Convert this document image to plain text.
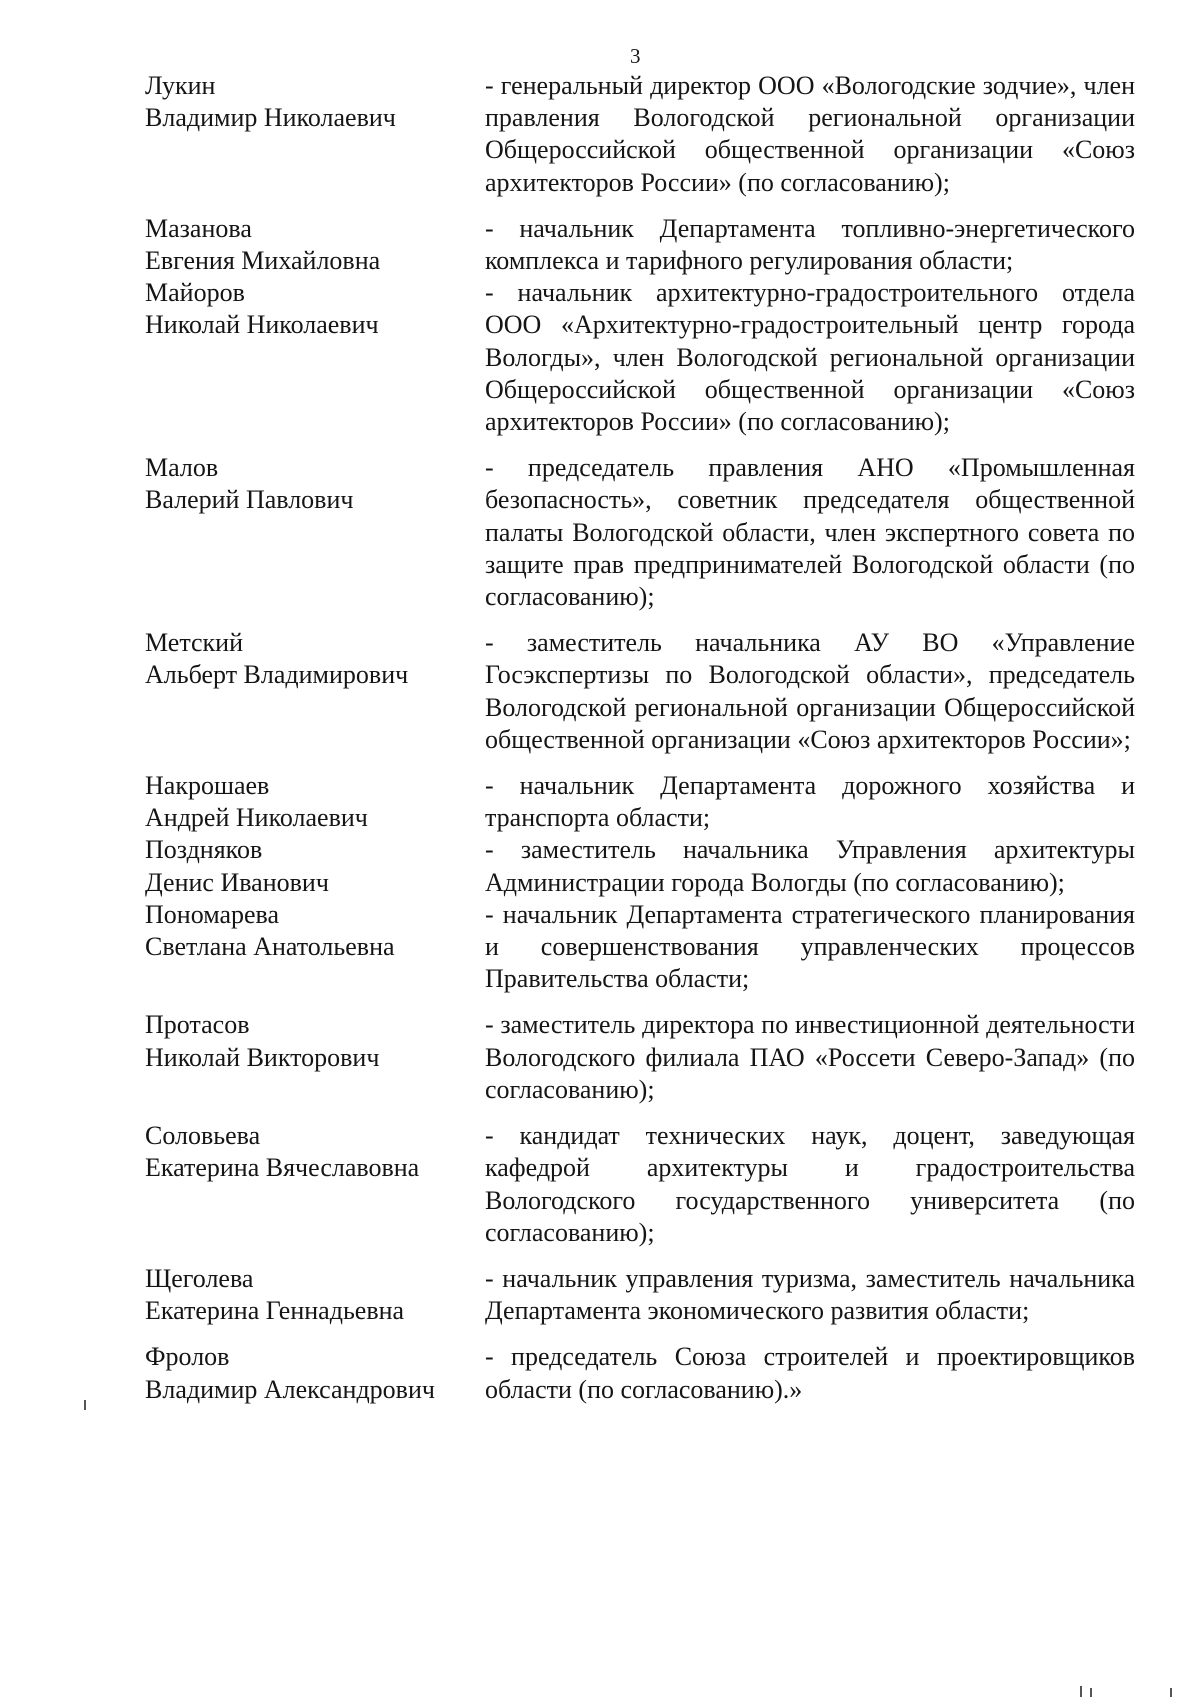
3
Лукин
Владимир Николаевич
- генеральный директор ООО «Вологодские зодчие», член правления Вологодской региональной организации Общероссийской общественной организации «Союз архитекторов России» (по согласованию);
Мазанова
Евгения Михайловна
- начальник Департамента топливно-энергетического комплекса и тарифного регулирования области;
Майоров
Николай Николаевич
- начальник архитектурно-градостроительного отдела ООО «Архитектурно-градостроительный центр города Вологды», член Вологодской региональной организации Общероссийской общественной организации «Союз архитекторов России» (по согласованию);
Малов
Валерий Павлович
- председатель правления АНО «Промышленная безопасность», советник председателя общественной палаты Вологодской области, член экспертного совета по защите прав предпринимателей Вологодской области (по согласованию);
Метский
Альберт Владимирович
- заместитель начальника АУ ВО «Управление Госэкспертизы по Вологодской области», председатель Вологодской региональной организации Общероссийской общественной организации «Союз архитекторов России»;
Накрошаев
Андрей Николаевич
- начальник Департамента дорожного хозяйства и транспорта области;
Поздняков
Денис Иванович
- заместитель начальника Управления архитектуры Администрации города Вологды (по согласованию);
Пономарева
Светлана Анатольевна
- начальник Департамента стратегического планирования и совершенствования управленческих процессов Правительства области;
Протасов
Николай Викторович
- заместитель директора по инвестиционной деятельности Вологодского филиала ПАО «Россети Северо-Запад» (по согласованию);
Соловьева
Екатерина Вячеславовна
- кандидат технических наук, доцент, заведующая кафедрой архитектуры и градостроительства Вологодского государственного университета (по согласованию);
Щеголева
Екатерина Геннадьевна
- начальник управления туризма, заместитель начальника Департамента экономического развития области;
Фролов
Владимир Александрович
- председатель Союза строителей и проектировщиков области (по согласованию).»
